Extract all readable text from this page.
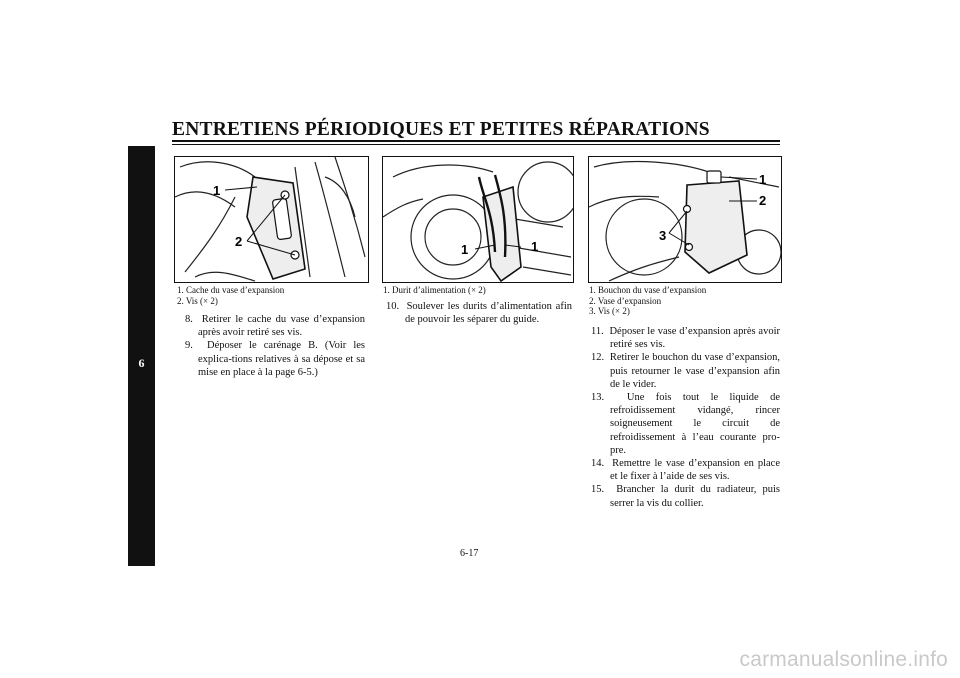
ENTRETIENS PÉRIODIQUES ET PETITES RÉPARATIONS
6
1
2
1	1
1
2
3
1. Cache du vase d’expansion
2. Vis (× 2)
1. Durit d’alimentation (× 2)	1. Bouchon du vase d’expansion
2. Vase d’expansion
3. Vis (× 2)
8. Retirer le cache du vase d’expansion après avoir retiré ses vis.
9. Déposer le carénage B. (Voir les explica-tions relatives à sa dépose et sa mise en place à la page 6-5.)
10. Soulever les durits d’alimentation afin de pouvoir les séparer du guide.
11. Déposer le vase d’expansion après avoir retiré ses vis.
12. Retirer le bouchon du vase d’expansion, puis retourner le vase d’expansion afin de le vider.
13. Une fois tout le liquide de refroidissement vidangé, rincer soigneusement le circuit de refroidissement à l’eau courante pro-pre.
14. Remettre le vase d’expansion en place et le fixer à l’aide de ses vis.
15. Brancher la durit du radiateur, puis serrer la vis du collier.
6-17
carmanualsonline.info
